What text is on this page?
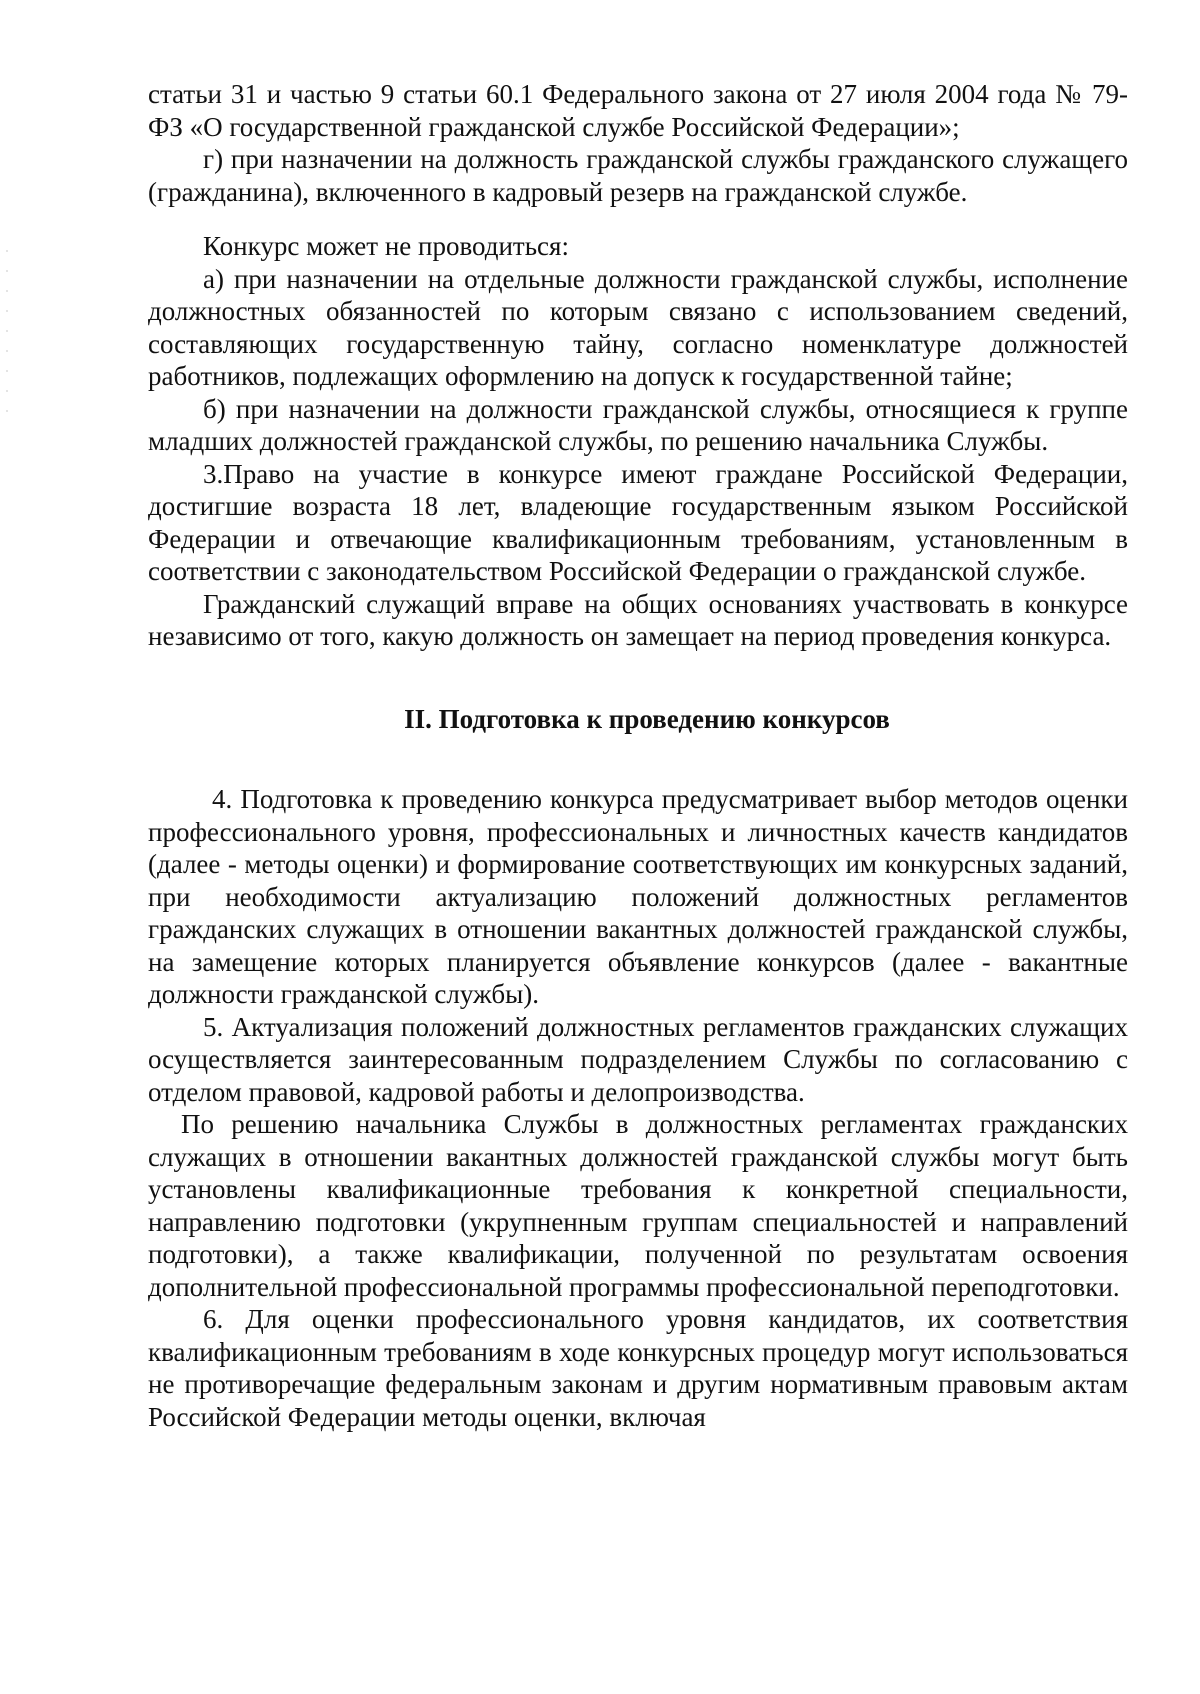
статьи 31 и частью 9 статьи 60.1 Федерального закона от 27 июля 2004 года № 79-ФЗ «О государственной гражданской службе Российской Федерации»;

г) при назначении на должность гражданской службы гражданского служащего (гражданина), включенного в кадровый резерв на гражданской службе.

Конкурс может не проводиться:

а) при назначении на отдельные должности гражданской службы, исполнение должностных обязанностей по которым связано с использованием сведений, составляющих государственную тайну, согласно номенклатуре должностей работников, подлежащих оформлению на допуск к государственной тайне;

б) при назначении на должности гражданской службы, относящиеся к группе младших должностей гражданской службы, по решению начальника Службы.

3.Право на участие в конкурсе имеют граждане Российской Федерации, достигшие возраста 18 лет, владеющие государственным языком Российской Федерации и отвечающие квалификационным требованиям, установленным в соответствии с законодательством Российской Федерации о гражданской службе.

Гражданский служащий вправе на общих основаниях участвовать в конкурсе независимо от того, какую должность он замещает на период проведения конкурса.

II. Подготовка к проведению конкурсов

4. Подготовка к проведению конкурса предусматривает выбор методов оценки профессионального уровня, профессиональных и личностных качеств кандидатов (далее - методы оценки) и формирование соответствующих им конкурсных заданий, при необходимости актуализацию положений должностных регламентов гражданских служащих в отношении вакантных должностей гражданской службы, на замещение которых планируется объявление конкурсов (далее - вакантные должности гражданской службы).

5. Актуализация положений должностных регламентов гражданских служащих осуществляется заинтересованным подразделением Службы по согласованию с отделом правовой, кадровой работы и делопроизводства.

По решению начальника Службы в должностных регламентах гражданских служащих в отношении вакантных должностей гражданской службы могут быть установлены квалификационные требования к конкретной специальности, направлению подготовки (укрупненным группам специальностей и направлений подготовки), а также квалификации, полученной по результатам освоения дополнительной профессиональной программы профессиональной переподготовки.

6. Для оценки профессионального уровня кандидатов, их соответствия квалификационным требованиям в ходе конкурсных процедур могут использоваться не противоречащие федеральным законам и другим нормативным правовым актам Российской Федерации методы оценки, включая
